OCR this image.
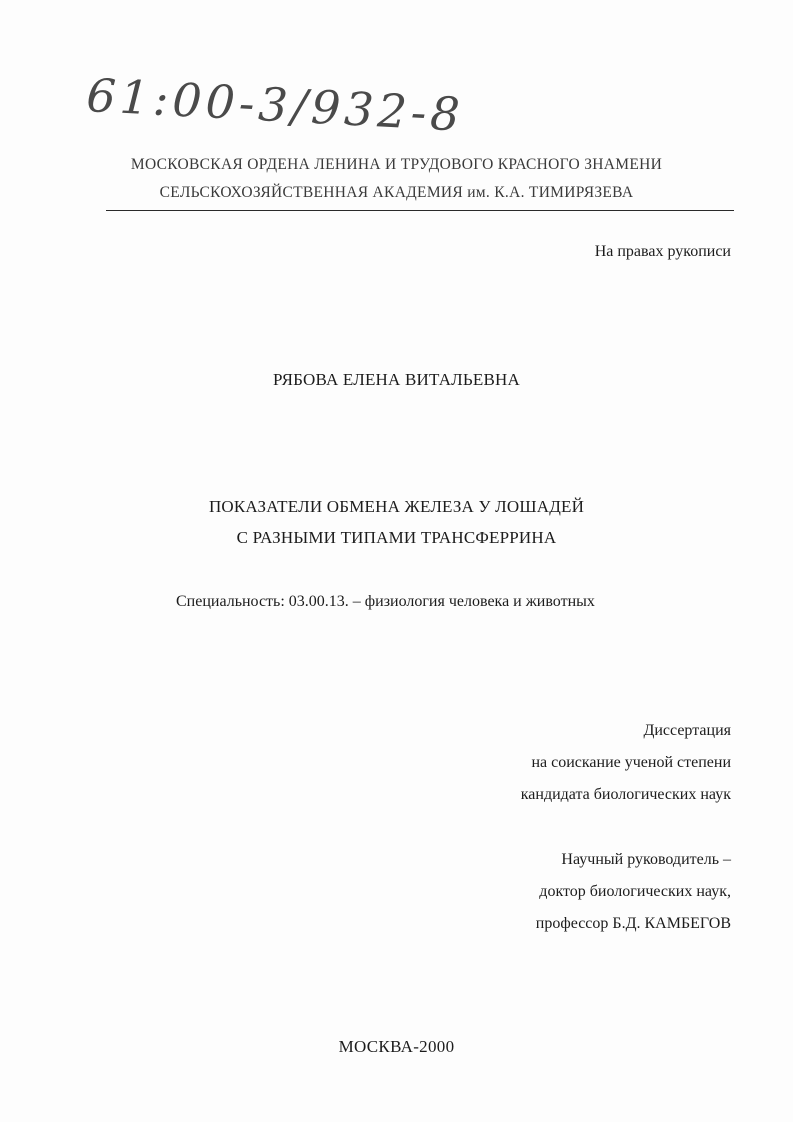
61:00-3/932-8
МОСКОВСКАЯ ОРДЕНА ЛЕНИНА И ТРУДОВОГО КРАСНОГО ЗНАМЕНИ
СЕЛЬСКОХОЗЯЙСТВЕННАЯ АКАДЕМИЯ им. К.А. ТИМИРЯЗЕВА
На правах рукописи
РЯБОВА ЕЛЕНА ВИТАЛЬЕВНА
ПОКАЗАТЕЛИ ОБМЕНА ЖЕЛЕЗА У ЛОШАДЕЙ
С РАЗНЫМИ ТИПАМИ ТРАНСФЕРРИНА
Специальность: 03.00.13. – физиология человека и животных
Диссертация
на соискание ученой степени
кандидата биологических наук
Научный руководитель –
доктор биологических наук,
профессор Б.Д. КАМБЕГОВ
МОСКВА-2000
